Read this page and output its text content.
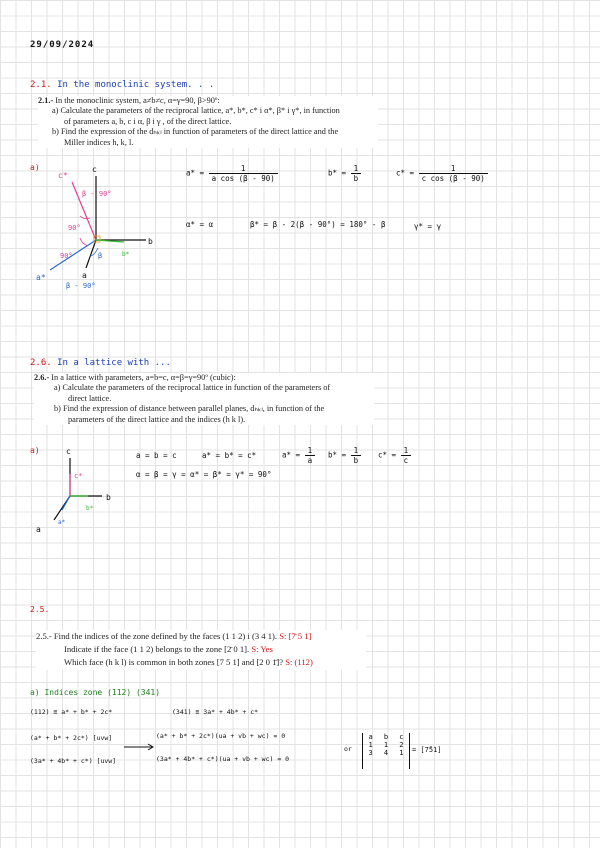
29/09/2024
2.1. In the monoclinic system. . .
2.1.- In the monoclinic system, a≠b≠c, α=γ=90, β>90º:
a) Calculate the parameters of the reciprocal lattice, a*, b*, c* i α*, β* i γ*, in function
of parameters a, b, c i α, β i γ , of the direct lattice.
b) Find the expression of the dₕₖₗ in function of parameters of the direct lattice and the
Miller indices h, k, l.
a)	c
c*
b
b*
a
a*
β - 90°
90°
90°	β
β - 90°
$a* = \frac{1}{\text{a cos (β - 90)}}$	$b* = \frac{1}{b}$	$c* = \frac{1}{\text{c cos (β - 90)}}$
α* = α	β* = β - 2(β - 90°) = 180° - β	γ* = γ
2.6. In a lattice with ...
2.6.- In a lattice with parameters, a=b=c, α=β=γ=90º (cubic):
a) Calculate the parameters of the reciprocal lattice in function of the parameters of
direct lattice.
b) Find the expression of distance between parallel planes, dₕₖₗ, in function of the
parameters of the direct lattice and the indices (h k l).
a)	c
c*
b
b*
a
a*
a = b = c	a* = b* = c*	$a* = \frac{1}{a} b* = \frac{1}{b} c* = \frac{1}{c}$
α = β = γ = α* = β* = γ* = 90°
2.5.
2.5.- Find the indices of the zone defined by the faces (1 1 2) i (3 4 1). S: [7̄ 5 1]
Indicate if the face (1 1 2) belongs to the zone [2̄ 0 1]. S: Yes
Which face (h k l) is common in both zones [7 5 1] and [2 0 1̄]? S: (112)
a) Indices zone (112) (341)
(112) ≡ a* + b* + 2c*	(341) ≡ 3a* + 4b* + c*
(a* + b* + 2c*) [uvw]	(a* + b* + 2c*)(ua + vb + wc) = 0
(3a* + 4b* + c*) [uvw]	(3a* + 4b* + c*)(ua + vb + wc) = 0
or
a b c
1 1 2
3 4 1 = [7̄51]
